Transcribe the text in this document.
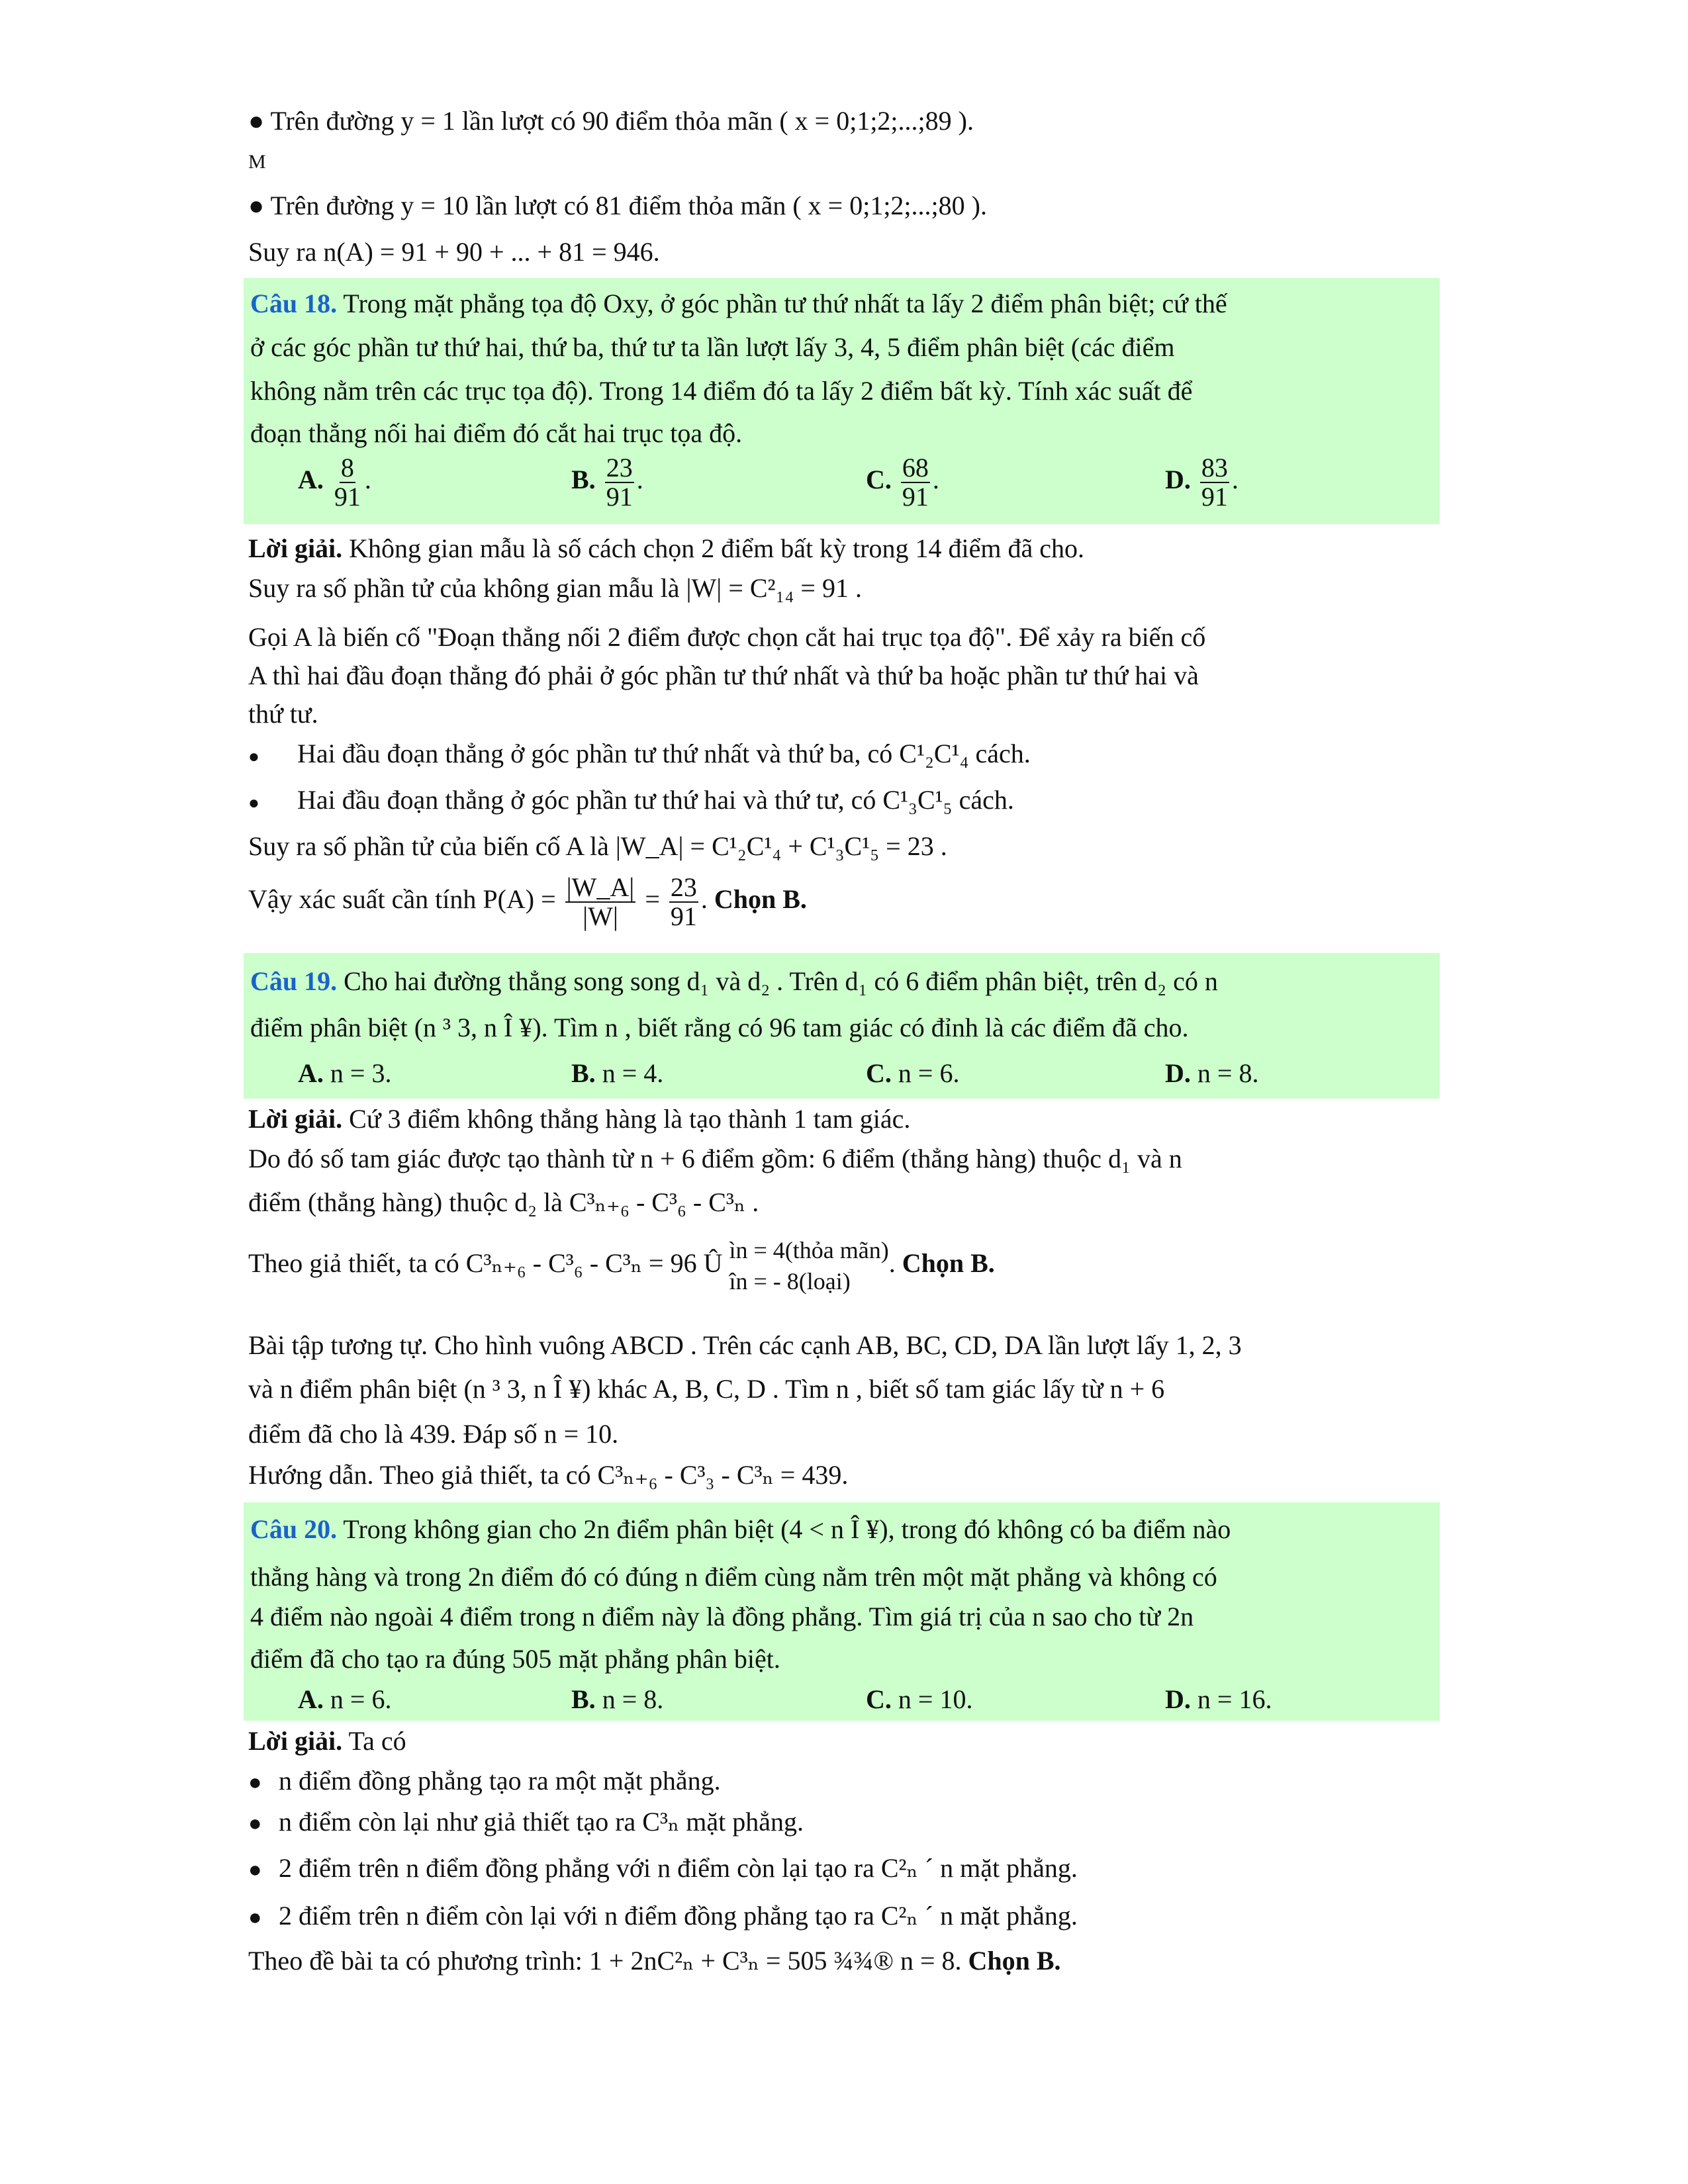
● Trên đường y = 1 lần lượt có 90 điểm thỏa mãn ( x = 0;1;2;...;89 ).
M
● Trên đường y = 10 lần lượt có 81 điểm thỏa mãn ( x = 0;1;2;...;80 ).
Suy ra n(A) = 91 + 90 + ... + 81 = 946.
Câu 18. Trong mặt phẳng tọa độ Oxy, ở góc phần tư thứ nhất ta lấy 2 điểm phân biệt; cứ thế
ở các góc phần tư thứ hai, thứ ba, thứ tư ta lần lượt lấy 3, 4, 5 điểm phân biệt (các điểm
không nằm trên các trục tọa độ). Trong 14 điểm đó ta lấy 2 điểm bất kỳ. Tính xác suất để
đoạn thẳng nối hai điểm đó cắt hai trục tọa độ.
A. $\frac{8}{91}$ .	B. $\frac{23}{91}$ .	C. $\frac{68}{91}$ .	D. $\frac{83}{91}$ .
Lời giải. Không gian mẫu là số cách chọn 2 điểm bất kỳ trong 14 điểm đã cho.
Suy ra số phần tử của không gian mẫu là |W| = C²₁₄ = 91 .
Gọi A là biến cố "Đoạn thẳng nối 2 điểm được chọn cắt hai trục tọa độ". Để xảy ra biến cố
A thì hai đầu đoạn thẳng đó phải ở góc phần tư thứ nhất và thứ ba hoặc phần tư thứ hai và
thứ tư.
● Hai đầu đoạn thẳng ở góc phần tư thứ nhất và thứ ba, có C¹₂C¹₄ cách.
● Hai đầu đoạn thẳng ở góc phần tư thứ hai và thứ tư, có C¹₃C¹₅ cách.
Suy ra số phần tử của biến cố A là |W_A| = C¹₂C¹₄ + C¹₃C¹₅ = 23 .
Vậy xác suất cần tính $P(A) = \frac{|W\_A|}{|W|} = \frac{23}{91}$ . Chọn B.
Câu 19. Cho hai đường thẳng song song d₁ và d₂ . Trên d₁ có 6 điểm phân biệt, trên d₂ có n
điểm phân biệt (n ³ 3, n Î ¥). Tìm n , biết rằng có 96 tam giác có đỉnh là các điểm đã cho.
A. n = 3.	B. n = 4.	C. n = 6.	D. n = 8.
Lời giải. Cứ 3 điểm không thẳng hàng là tạo thành 1 tam giác.
Do đó số tam giác được tạo thành từ n + 6 điểm gồm: 6 điểm (thẳng hàng) thuộc d₁ và n
điểm (thẳng hàng) thuộc d₂ là C³ₙ₊₆ - C³₆ - C³ₙ .
Theo giả thiết, ta có C³ₙ₊₆ - C³₆ - C³ₙ = 96 Û ìn = 4(thỏa mãn)
în = - 8(loại)
. Chọn B.
Bài tập tương tự. Cho hình vuông ABCD . Trên các cạnh AB, BC, CD, DA lần lượt lấy 1, 2, 3
và n điểm phân biệt (n ³ 3, n Î ¥) khác A, B, C, D . Tìm n , biết số tam giác lấy từ n + 6
điểm đã cho là 439. Đáp số n = 10.
Hướng dẫn. Theo giả thiết, ta có C³ₙ₊₆ - C³₃ - C³ₙ = 439.
Câu 20. Trong không gian cho 2n điểm phân biệt (4 < n Î ¥), trong đó không có ba điểm nào
thẳng hàng và trong 2n điểm đó có đúng n điểm cùng nằm trên một mặt phẳng và không có
4 điểm nào ngoài 4 điểm trong n điểm này là đồng phẳng. Tìm giá trị của n sao cho từ 2n
điểm đã cho tạo ra đúng 505 mặt phẳng phân biệt.
A. n = 6.	B. n = 8.	C. n = 10.	D. n = 16.
Lời giải. Ta có
● n điểm đồng phẳng tạo ra một mặt phẳng.
● n điểm còn lại như giả thiết tạo ra C³ₙ mặt phẳng.
● 2 điểm trên n điểm đồng phẳng với n điểm còn lại tạo ra C²ₙ ´ n mặt phẳng.
● 2 điểm trên n điểm còn lại với n điểm đồng phẳng tạo ra C²ₙ ´ n mặt phẳng.
Theo đề bài ta có phương trình: 1 + 2nC²ₙ + C³ₙ = 505 ¾¾® n = 8. Chọn B.
